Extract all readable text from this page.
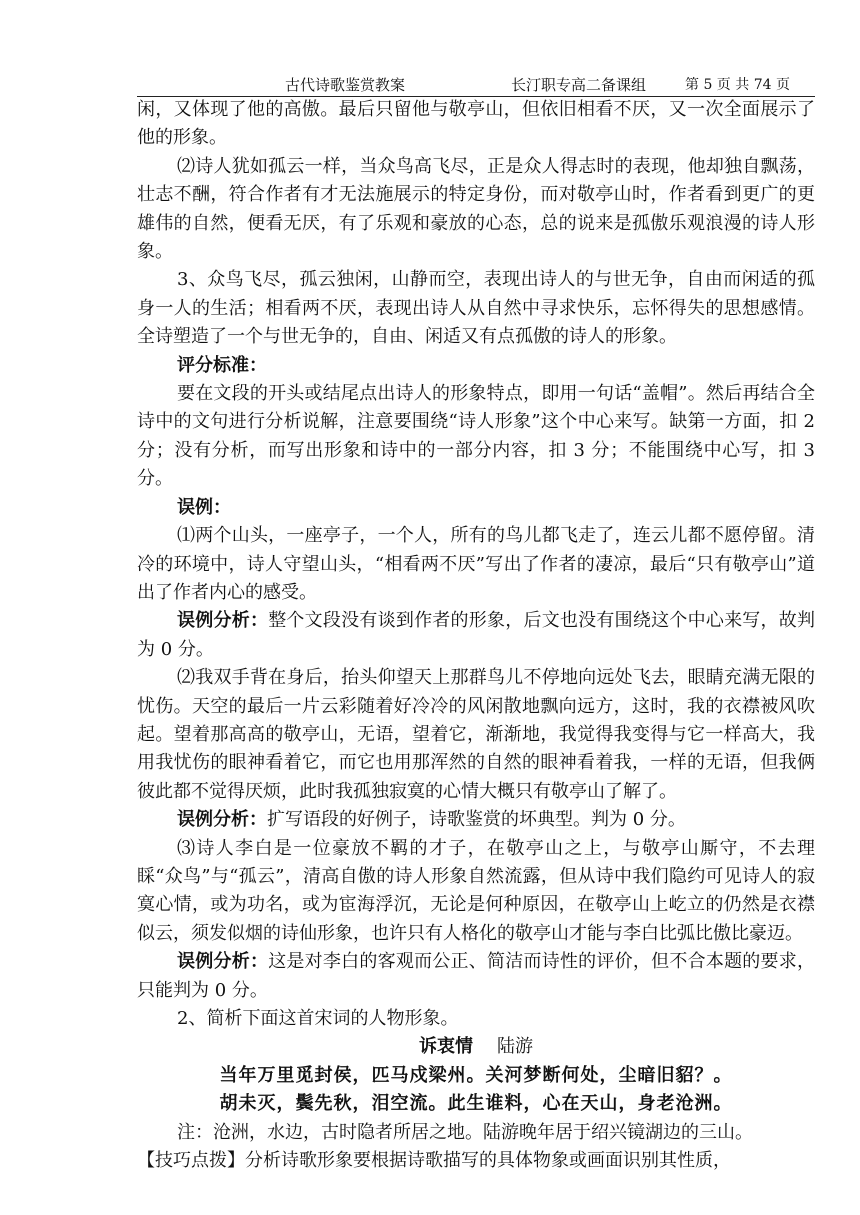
古代诗歌鉴赏教案	长汀职专高二备课组	第 5 页 共 74 页

闲，又体现了他的高傲。最后只留他与敬亭山，但依旧相看不厌，又一次全面展示了他的形象。

⑵诗人犹如孤云一样，当众鸟高飞尽，正是众人得志时的表现，他却独自飘荡，壮志不酬，符合作者有才无法施展示的特定身份，而对敬亭山时，作者看到更广的更雄伟的自然，便看无厌，有了乐观和豪放的心态，总的说来是孤傲乐观浪漫的诗人形象。

3、众鸟飞尽，孤云独闲，山静而空，表现出诗人的与世无争，自由而闲适的孤身一人的生活；相看两不厌，表现出诗人从自然中寻求快乐，忘怀得失的思想感情。全诗塑造了一个与世无争的，自由、闲适又有点孤傲的诗人的形象。

评分标准：

要在文段的开头或结尾点出诗人的形象特点，即用一句话“盖帽”。然后再结合全诗中的文句进行分析说解，注意要围绕“诗人形象”这个中心来写。缺第一方面，扣 2 分；没有分析，而写出形象和诗中的一部分内容，扣 3 分；不能围绕中心写，扣 3 分。

误例：

⑴两个山头，一座亭子，一个人，所有的鸟儿都飞走了，连云儿都不愿停留。清冷的环境中，诗人守望山头，“相看两不厌”写出了作者的凄凉，最后“只有敬亭山”道出了作者内心的感受。

误例分析：整个文段没有谈到作者的形象，后文也没有围绕这个中心来写，故判为 0 分。

⑵我双手背在身后，抬头仰望天上那群鸟儿不停地向远处飞去，眼睛充满无限的忧伤。天空的最后一片云彩随着好冷冷的风闲散地飘向远方，这时，我的衣襟被风吹起。望着那高高的敬亭山，无语，望着它，渐渐地，我觉得我变得与它一样高大，我用我忧伤的眼神看着它，而它也用那浑然的自然的眼神看着我，一样的无语，但我俩彼此都不觉得厌烦，此时我孤独寂寞的心情大概只有敬亭山了解了。

误例分析：扩写语段的好例子，诗歌鉴赏的坏典型。判为 0 分。

⑶诗人李白是一位豪放不羁的才子，在敬亭山之上，与敬亭山厮守，不去理睬“众鸟”与“孤云”，清高自傲的诗人形象自然流露，但从诗中我们隐约可见诗人的寂寞心情，或为功名，或为宦海浮沉，无论是何种原因，在敬亭山上屹立的仍然是衣襟似云，须发似烟的诗仙形象，也许只有人格化的敬亭山才能与李白比弧比傲比豪迈。

误例分析：这是对李白的客观而公正、简洁而诗性的评价，但不合本题的要求，只能判为 0 分。

2、简析下面这首宋词的人物形象。

诉衷情 陆游

当年万里觅封侯，匹马戍梁州。关河梦断何处，尘暗旧貂？。

胡未灭，鬓先秋，泪空流。此生谁料，心在天山，身老沧洲。

注：沧洲，水边，古时隐者所居之地。陆游晚年居于绍兴镜湖边的三山。

【技巧点拨】分析诗歌形象要根据诗歌描写的具体物象或画面识别其性质，
